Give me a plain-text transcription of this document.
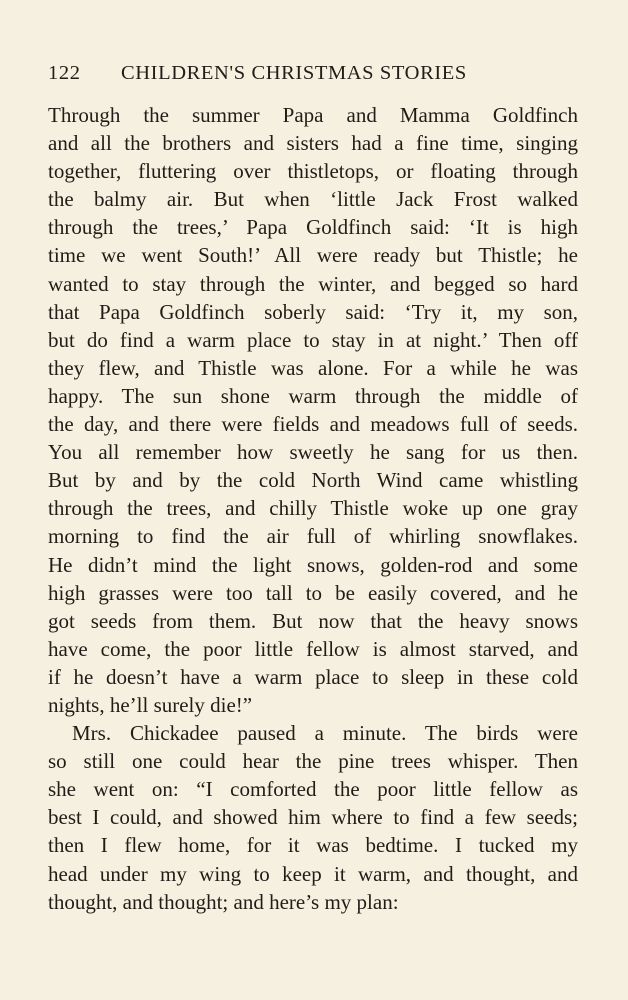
122 CHILDREN'S CHRISTMAS STORIES
Through the summer Papa and Mamma Goldfinch
and all the brothers and sisters had a fine time, singing
together, fluttering over thistletops, or floating through
the balmy air. But when ‘little Jack Frost walked
through the trees,’ Papa Goldfinch said: ‘It is high
time we went South!’ All were ready but Thistle; he
wanted to stay through the winter, and begged so hard
that Papa Goldfinch soberly said: ‘Try it, my son,
but do find a warm place to stay in at night.’ Then off
they flew, and Thistle was alone. For a while he was
happy. The sun shone warm through the middle of
the day, and there were fields and meadows full of seeds.
You all remember how sweetly he sang for us then.
But by and by the cold North Wind came whistling
through the trees, and chilly Thistle woke up one gray
morning to find the air full of whirling snowflakes.
He didn’t mind the light snows, golden-rod and some
high grasses were too tall to be easily covered, and he
got seeds from them. But now that the heavy snows
have come, the poor little fellow is almost starved, and
if he doesn’t have a warm place to sleep in these cold
nights, he’ll surely die!”
Mrs. Chickadee paused a minute. The birds were
so still one could hear the pine trees whisper. Then
she went on: “I comforted the poor little fellow as
best I could, and showed him where to find a few seeds;
then I flew home, for it was bedtime. I tucked my
head under my wing to keep it warm, and thought, and
thought, and thought; and here’s my plan:
